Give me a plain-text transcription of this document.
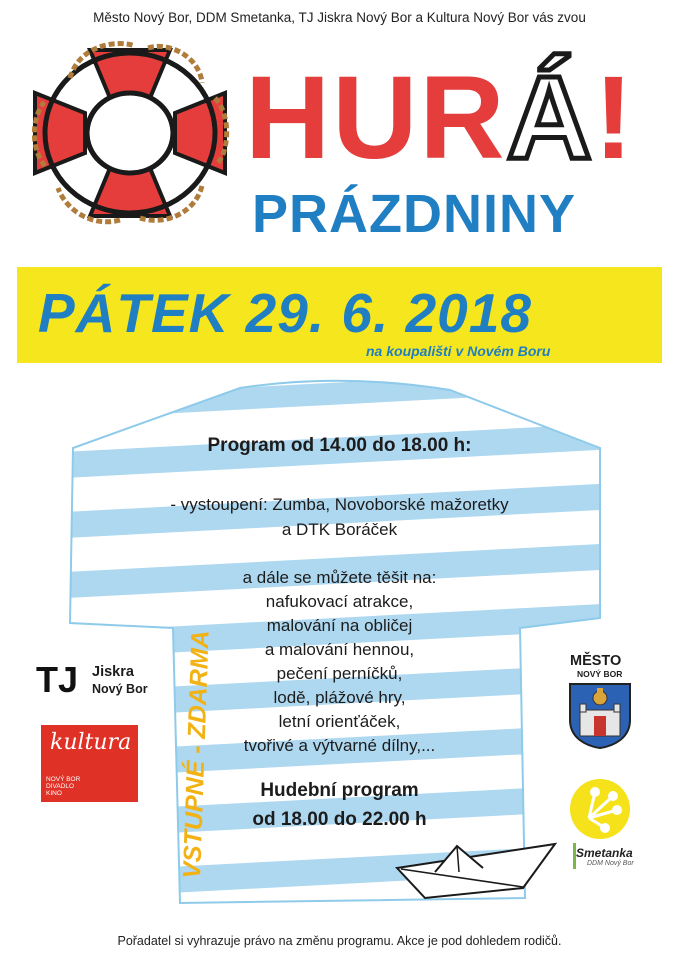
Město Nový Bor, DDM Smetanka, TJ Jiskra Nový Bor a Kultura Nový Bor vás zvou
HURÁ!
PRÁZDNINY
PÁTEK 29. 6. 2018
na koupališti v Novém Boru
Program od 14.00 do 18.00 h:
- vystoupení: Zumba, Novoborské mažoretky
a DTK Boráček
a dále se můžete těšit na:
nafukovací atrakce,
malování na obličej
a malování hennou,
pečení perníčků,
lodě, plážové hry,
letní orienťáček,
tvořivé a výtvarné dílny,...
Hudební program
od 18.00 do 22.00 h
VSTUPNÉ - ZDARMA
TJ Jiskra
Nový Bor
kultura
NOVÝ BOR
DIVADLO
KINO
MĚSTO
NOVÝ BOR
Smetanka
DDM Nový Bor
Pořadatel si vyhrazuje právo na změnu programu. Akce je pod dohledem rodičů.
